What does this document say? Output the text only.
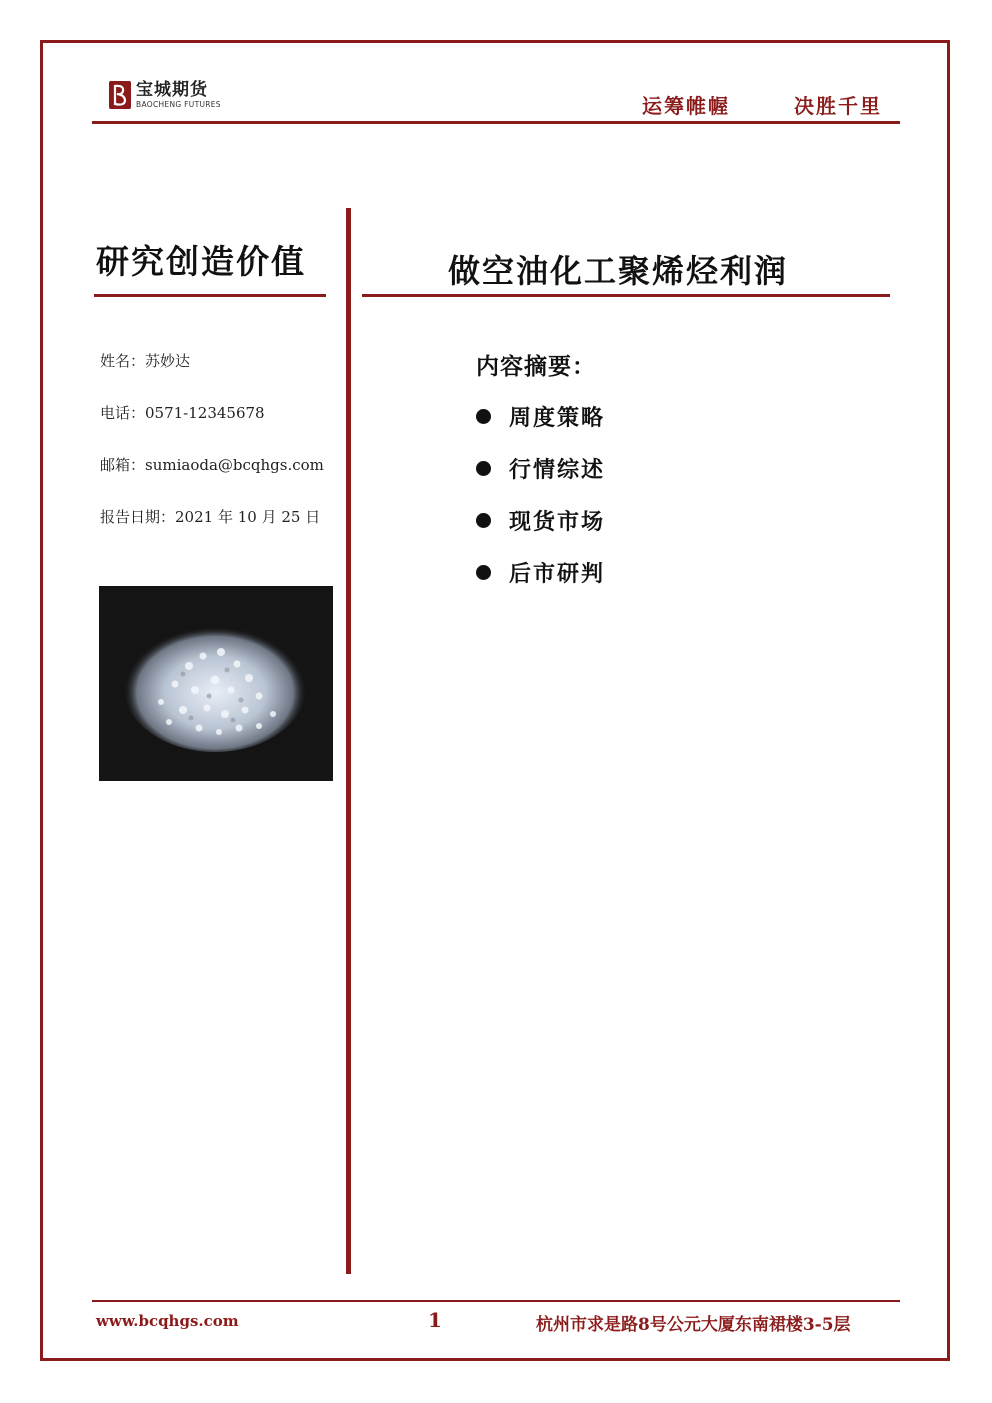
宝城期货
BAOCHENG FUTURES	运筹帷幄	决胜千里
研究创造价值	做空油化工聚烯烃利润
姓名：苏妙达
电话：0571-12345678
邮箱：sumiaoda@bcqhgs.com
报告日期：2021 年 10 月 25 日
内容摘要：
周度策略
行情综述
现货市场
后市研判
www.bcqhgs.com	1	杭州市求是路8号公元大厦东南裙楼3-5层
